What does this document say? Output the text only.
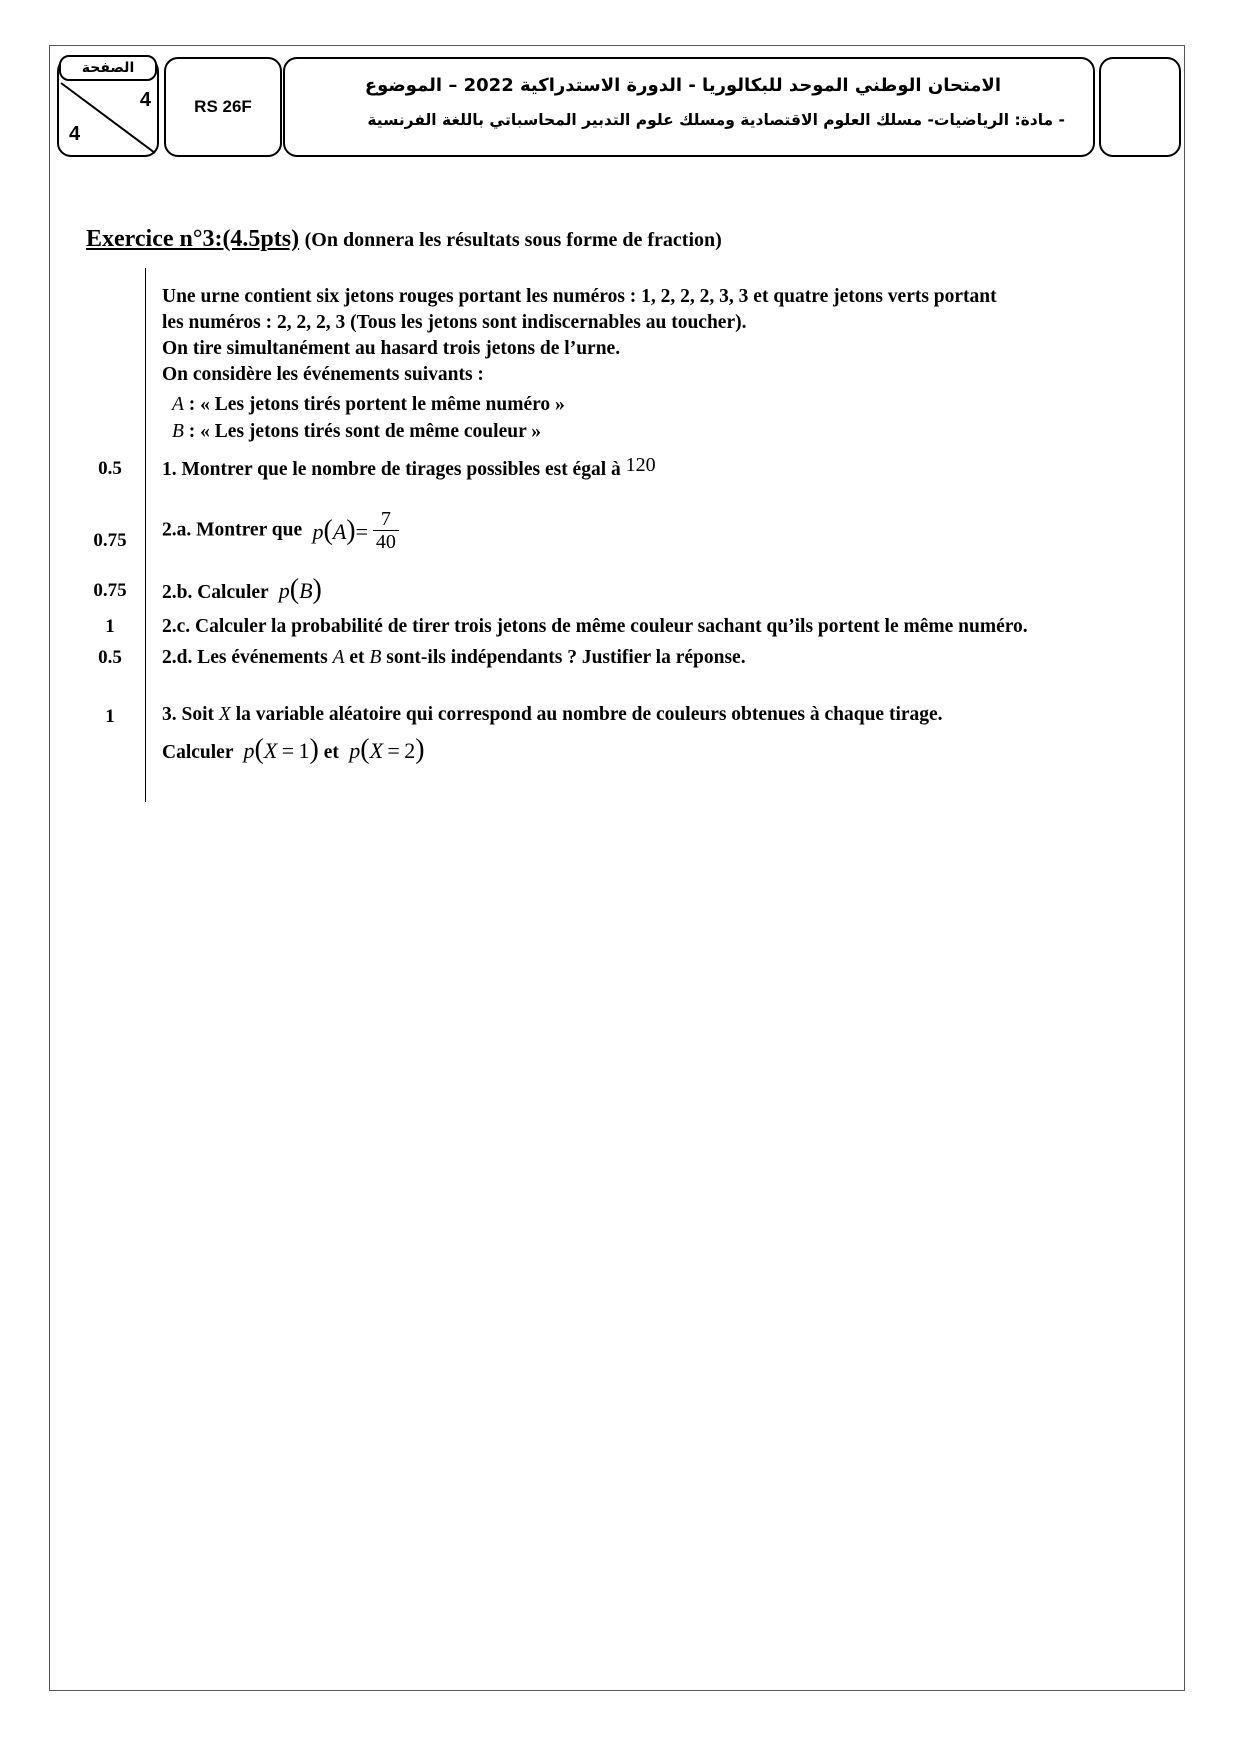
الصفحة
4
4
RS 26F
الامتحان الوطني الموحد للبكالوريا - الدورة الاستدراكية 2022 – الموضوع
- مادة: الرياضيات- مسلك العلوم الاقتصادية ومسلك علوم التدبير المحاسباتي باللغة الفرنسية
Exercice n°3:(4.5pts) (On donnera les résultats sous forme de fraction)
Une urne contient six jetons rouges portant les numéros : 1, 2, 2, 2, 3, 3 et quatre jetons verts portant
les numéros : 2, 2, 2, 3 (Tous les jetons sont indiscernables au toucher).
On tire simultanément au hasard trois jetons de l’urne.
On considère les événements suivants :
A : « Les jetons tirés portent le même numéro »
B : « Les jetons tirés sont de même couleur »
0.5	1. Montrer que le nombre de tirages possibles est égal à 120
0.75	2.a. Montrer que  $p(A)= \frac{7}{40}$
0.75	2.b. Calculer  p(B)
1	2.c. Calculer la probabilité de tirer trois jetons de même couleur sachant qu’ils portent le même numéro.
0.5	2.d. Les événements A et B sont-ils indépendants ? Justifier la réponse.
1	3. Soit X la variable aléatoire qui correspond au nombre de couleurs obtenues à chaque tirage.
Calculer  p(X = 1) et  p(X = 2)
